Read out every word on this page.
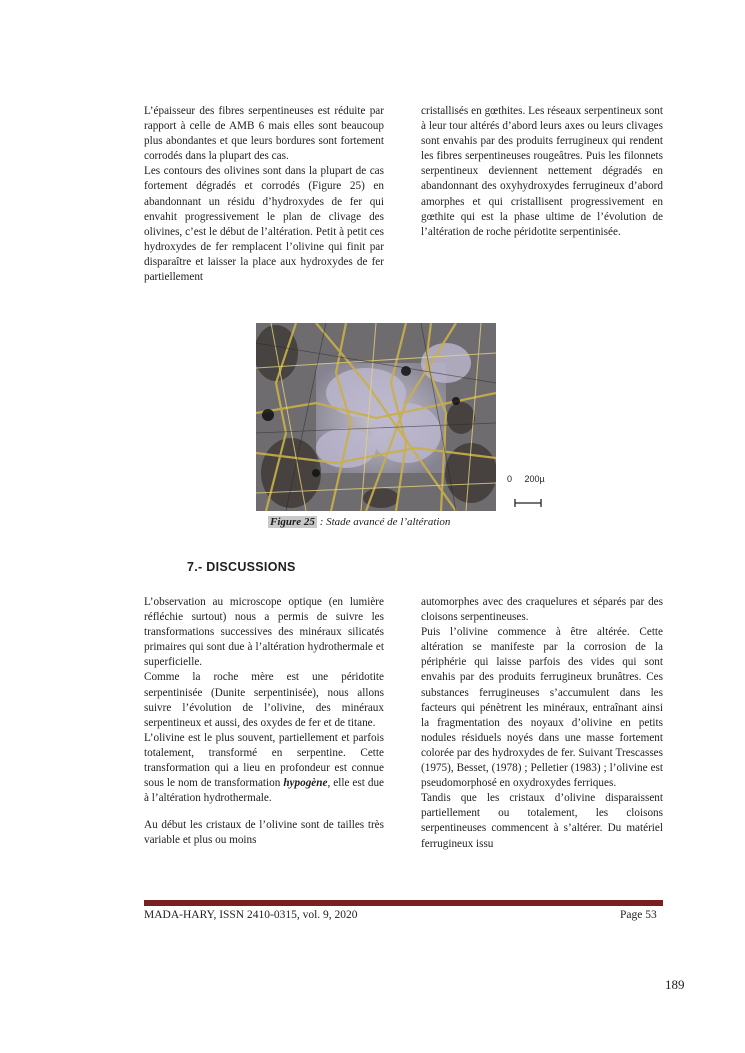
L’épaisseur des fibres serpentineuses est réduite par rapport à celle de AMB 6 mais elles sont beaucoup plus abondantes et que leurs bordures sont fortement corrodés dans la plupart des cas.

Les contours des olivines sont dans la plupart de cas fortement dégradés et corrodés (Figure 25) en abandonnant un résidu d’hydroxydes de fer qui envahit progressivement le plan de clivage des olivines, c’est le début de l’altération. Petit à petit ces hydroxydes de fer remplacent l’olivine qui finit par disparaître et laisser la place aux hydroxydes de fer partiellement

cristallisés en gœthites. Les réseaux serpentineux sont à leur tour altérés d’abord leurs axes ou leurs clivages sont envahis par des produits ferrugineux qui rendent les fibres serpentineuses rougeâtres. Puis les filonnets serpentineux deviennent nettement dégradés en abandonnant des oxyhydroxydes ferrugineux d’abord amorphes et qui cristallisent progressivement en gœthite qui est la phase ultime de l’évolution de l’altération de roche péridotite serpentinisée.

0     200µ
Figure 25 : Stade avancé de l’altération
7.- DISCUSSIONS

L’observation au microscope optique (en lumière réfléchie surtout) nous a permis de suivre les transformations successives des minéraux silicatés primaires qui sont due à l’altération hydrothermale et superficielle.

Comme la roche mère est une péridotite serpentinisée (Dunite serpentinisée), nous allons suivre l’évolution de l’olivine, des minéraux serpentineux et aussi, des oxydes de fer et de titane.

L’olivine est le plus souvent, partiellement et parfois totalement, transformé en serpentine. Cette transformation qui a lieu en profondeur est connue sous le nom de transformation hypogène, elle est due à l’altération hydrothermale.

Au début les cristaux de l’olivine sont de tailles très variable et plus ou moins

automorphes avec des craquelures et séparés par des cloisons serpentineuses.

Puis l’olivine commence à être altérée. Cette altération se manifeste par la corrosion de la périphérie qui laisse parfois des vides qui sont envahis par des produits ferrugineux brunâtres. Ces substances ferrugineuses s’accumulent dans les facteurs qui pénètrent les minéraux, entraînant ainsi la fragmentation des noyaux d’olivine en petits nodules résiduels noyés dans une masse fortement colorée par des hydroxydes de fer. Suivant Trescasses (1975), Besset, (1978) ; Pelletier (1983) ; l’olivine est pseudomorphosé en oxydroxydes ferriques.

Tandis que les cristaux d’olivine disparaissent partiellement ou totalement, les cloisons serpentineuses commencent à s’altérer. Du matériel ferrugineux issu

MADA-HARY, ISSN 2410-0315, vol. 9, 2020	Page 53
189
